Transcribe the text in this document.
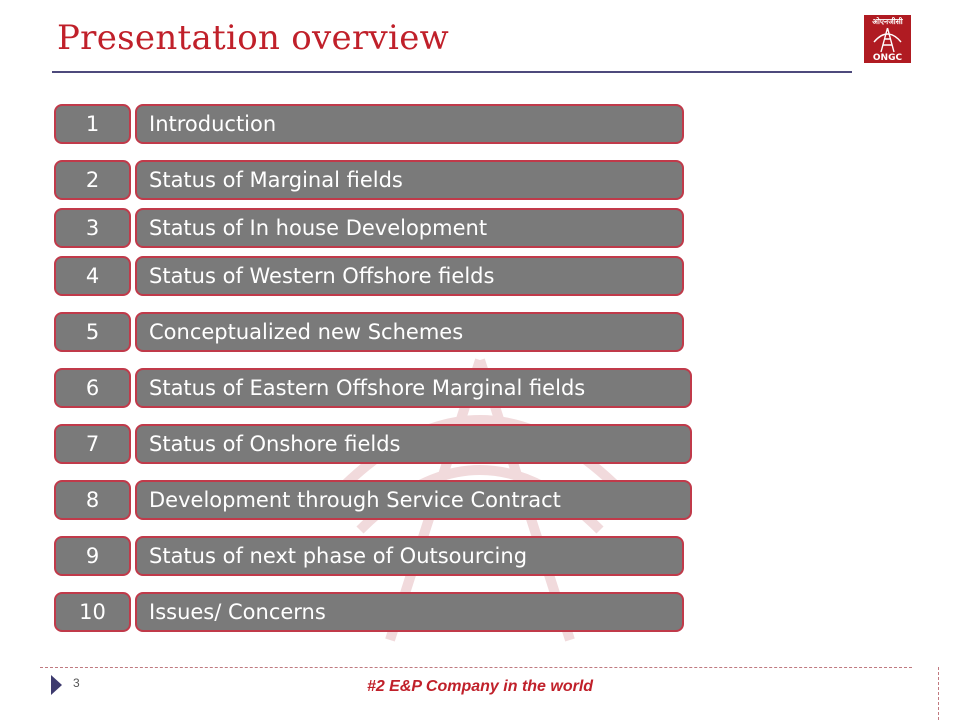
Presentation overview	ओएनजीसी
ONGC
1	Introduction
2	Status of Marginal fields
3	Status of In house Development
4	Status of Western Offshore fields
5	Conceptualized new Schemes
6	Status of Eastern Offshore Marginal fields
7	Status of Onshore fields
8	Development through Service Contract
9	Status of next phase of Outsourcing
10	Issues/ Concerns
3	#2 E&P Company in the world
